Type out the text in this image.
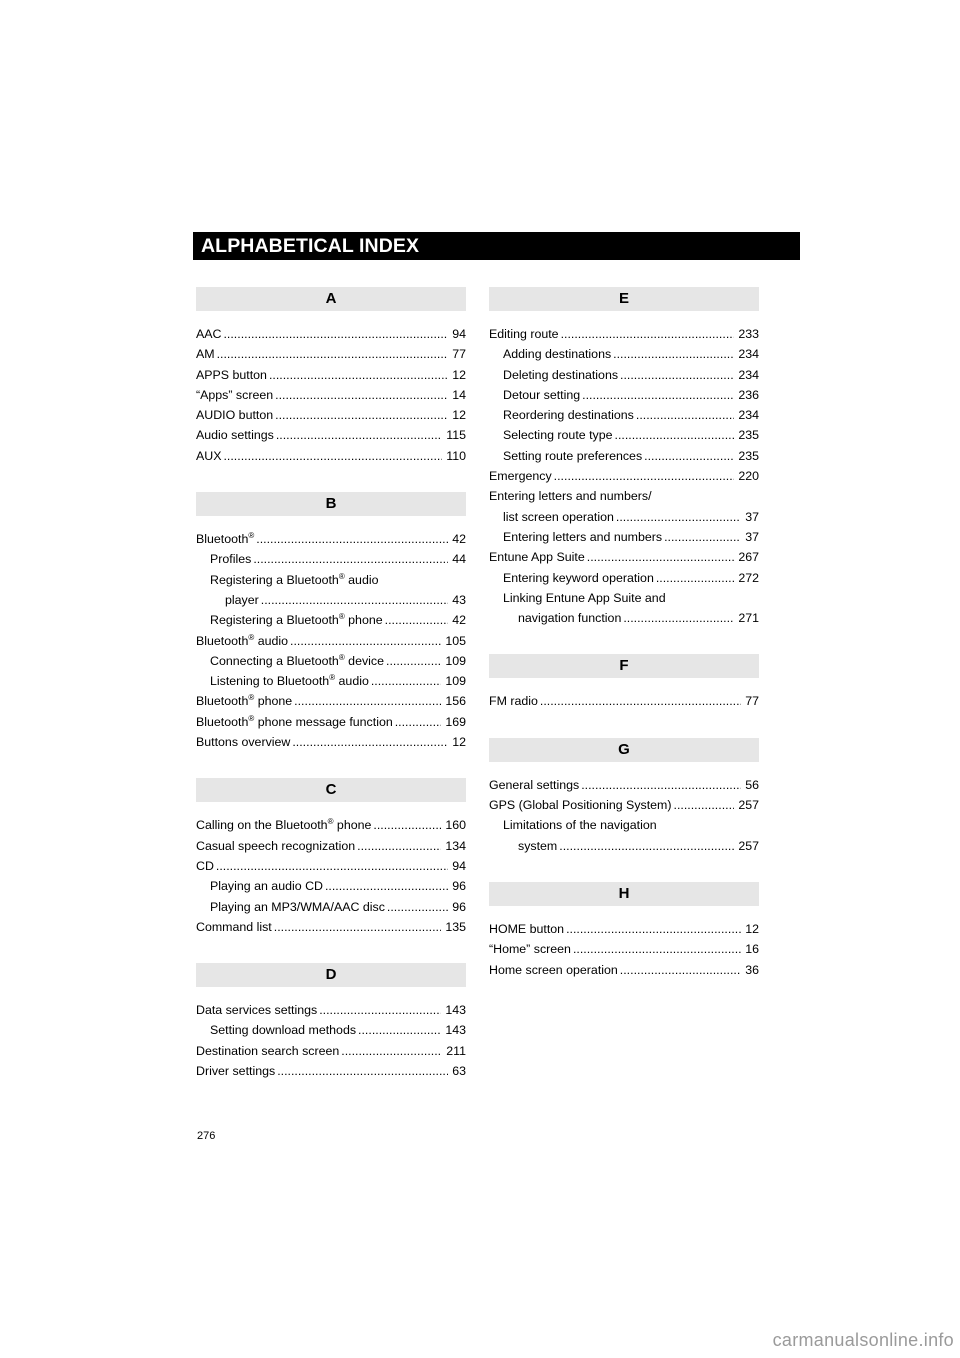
ALPHABETICAL INDEX
A
AAC .....	94
AM .....	77
APPS button .....	12
“Apps” screen .....	14
AUDIO button .....	12
Audio settings .....	115
AUX .....	110
B
Bluetooth® .....	42
Profiles .....	44
Registering a Bluetooth® audio
player .....	43
Registering a Bluetooth® phone .....	42
Bluetooth® audio .....	105
Connecting a Bluetooth® device .....	109
Listening to Bluetooth® audio .....	109
Bluetooth® phone .....	156
Bluetooth® phone message function .....	169
Buttons overview .....	12
C
Calling on the Bluetooth® phone .....	160
Casual speech recognization .....	134
CD .....	94
Playing an audio CD .....	96
Playing an MP3/WMA/AAC disc .....	96
Command list .....	135
D
Data services settings .....	143
Setting download methods .....	143
Destination search screen .....	211
Driver settings .....	63
E
Editing route .....	233
Adding destinations .....	234
Deleting destinations .....	234
Detour setting .....	236
Reordering destinations .....	234
Selecting route type .....	235
Setting route preferences .....	235
Emergency .....	220
Entering letters and numbers/
list screen operation .....	37
Entering letters and numbers .....	37
Entune App Suite .....	267
Entering keyword operation .....	272
Linking Entune App Suite and
navigation function .....	271
F
FM radio .....	77
G
General settings .....	56
GPS (Global Positioning System) .....	257
Limitations of the navigation
system .....	257
H
HOME button .....	12
“Home” screen .....	16
Home screen operation .....	36
276
carmanualsonline.info
